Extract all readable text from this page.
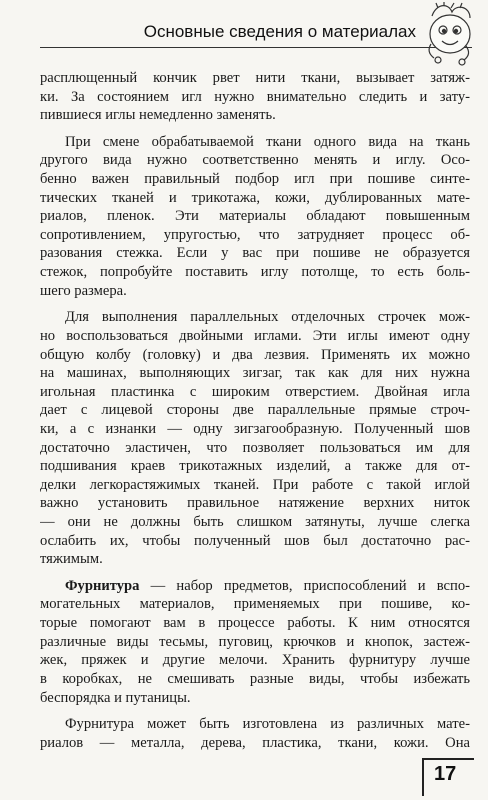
Основные сведения о материалах
расплющенный кончик рвет нити ткани, вызывает затяж-
ки. За состоянием игл нужно внимательно следить и зату-
пившиеся иглы немедленно заменять.
При смене обрабатываемой ткани одного вида на ткань
другого вида нужно соответственно менять и иглу. Осо-
бенно важен правильный подбор игл при пошиве синте-
тических тканей и трикотажа, кожи, дублированных мате-
риалов, пленок. Эти материалы обладают повышенным
сопротивлением, упругостью, что затрудняет процесс об-
разования стежка. Если у вас при пошиве не образуется
стежок, попробуйте поставить иглу потолще, то есть боль-
шего размера.
Для выполнения параллельных отделочных строчек мож-
но воспользоваться двойными иглами. Эти иглы имеют одну
общую колбу (головку) и два лезвия. Применять их можно
на машинах, выполняющих зигзаг, так как для них нужна
игольная пластинка с широким отверстием. Двойная игла
дает с лицевой стороны две параллельные прямые строч-
ки, а с изнанки — одну зигзагообразную. Полученный шов
достаточно эластичен, что позволяет пользоваться им для
подшивания краев трикотажных изделий, а также для от-
делки легкорастяжимых тканей. При работе с такой иглой
важно установить правильное натяжение верхних ниток
— они не должны быть слишком затянуты, лучше слегка
ослабить их, чтобы полученный шов был достаточно рас-
тяжимым.
Фурнитура — набор предметов, приспособлений и вспо-
могательных материалов, применяемых при пошиве, ко-
торые помогают вам в процессе работы. К ним относятся
различные виды тесьмы, пуговиц, крючков и кнопок, застеж-
жек, пряжек и другие мелочи. Хранить фурнитуру лучше
в коробках, не смешивать разные виды, чтобы избежать
беспорядка и путаницы.
Фурнитура может быть изготовлена из различных мате-
риалов — металла, дерева, пластика, ткани, кожи. Она
17
